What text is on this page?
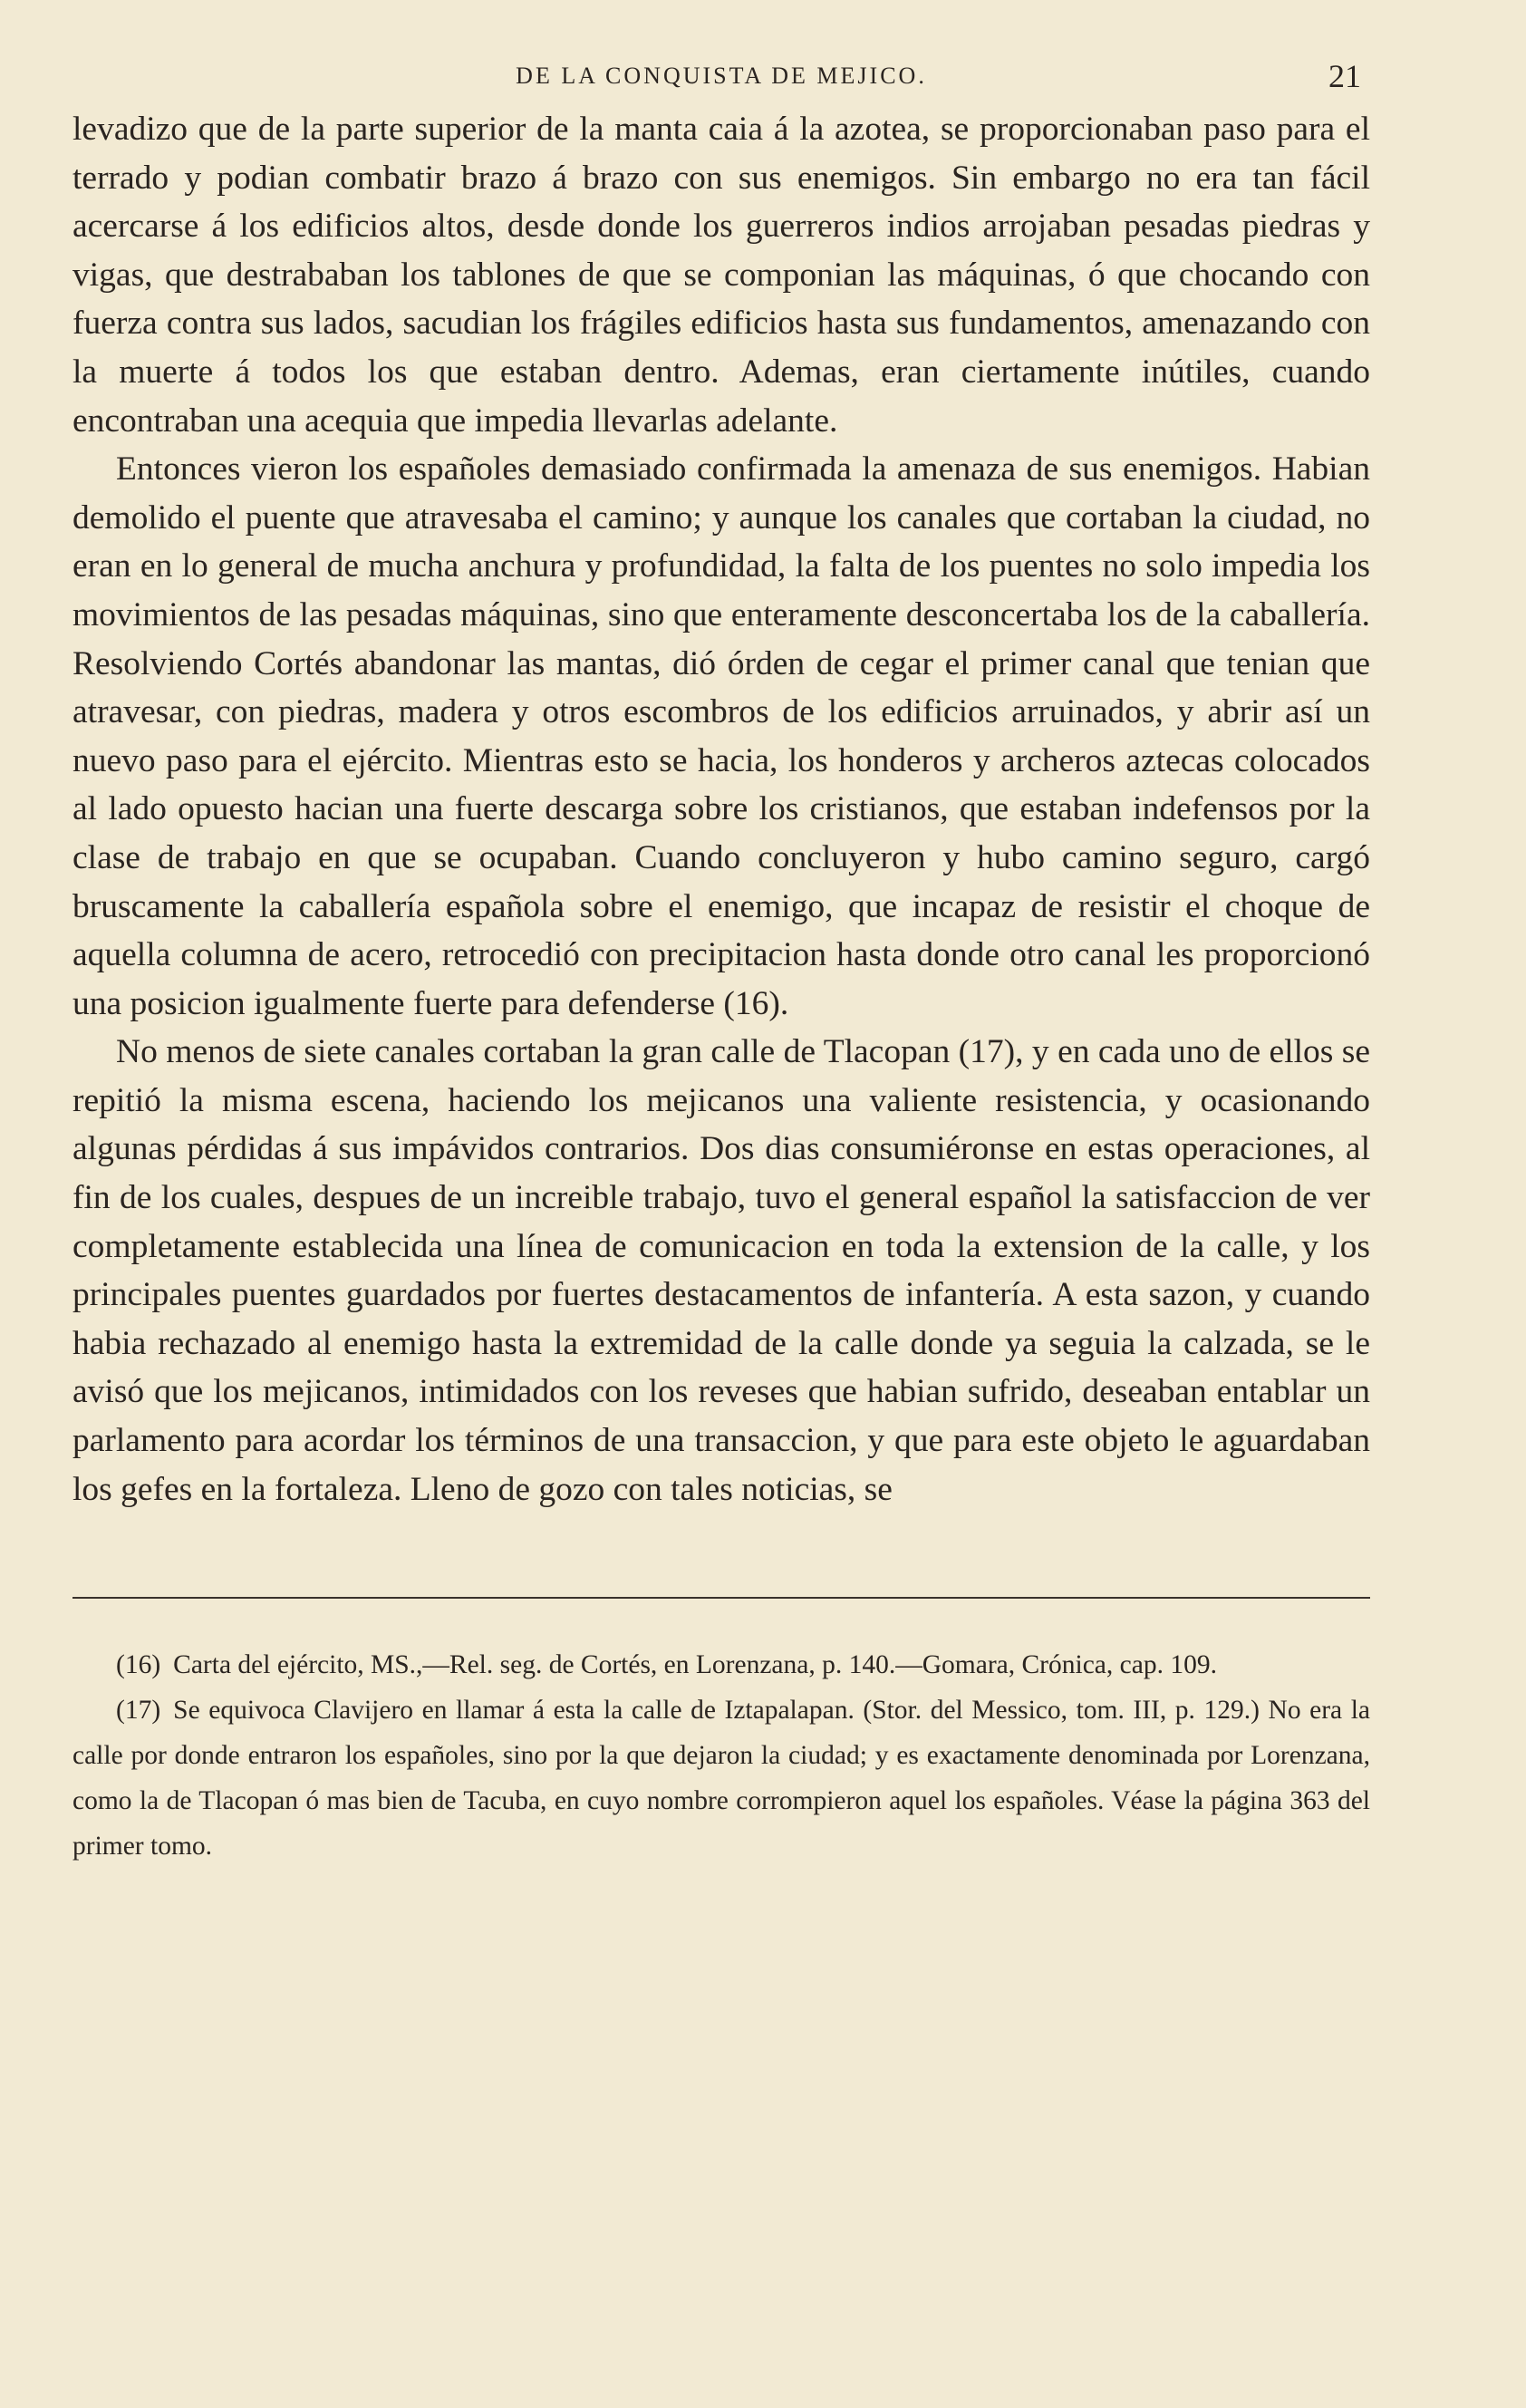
DE LA CONQUISTA DE MEJICO.	21

levadizo que de la parte superior de la manta caia á la azotea, se proporcionaban paso para el terrado y podian combatir brazo á brazo con sus enemigos. Sin embargo no era tan fácil acercarse á los edificios altos, desde donde los guerreros indios arrojaban pesadas piedras y vigas, que destrababan los tablones de que se componian las máquinas, ó que chocando con fuerza contra sus lados, sacudian los frágiles edificios hasta sus fundamentos, amenazando con la muerte á todos los que estaban dentro. Ademas, eran ciertamente inútiles, cuando encontraban una acequia que impedia llevarlas adelante.

Entonces vieron los españoles demasiado confirmada la amenaza de sus enemigos. Habian demolido el puente que atravesaba el camino; y aunque los canales que cortaban la ciudad, no eran en lo general de mucha anchura y profundidad, la falta de los puentes no solo impedia los movimientos de las pesadas máquinas, sino que enteramente desconcertaba los de la caballería. Resolviendo Cortés abandonar las mantas, dió órden de cegar el primer canal que tenian que atravesar, con piedras, madera y otros escombros de los edificios arruinados, y abrir así un nuevo paso para el ejército. Mientras esto se hacia, los honderos y archeros aztecas colocados al lado opuesto hacian una fuerte descarga sobre los cristianos, que estaban indefensos por la clase de trabajo en que se ocupaban. Cuando concluyeron y hubo camino seguro, cargó bruscamente la caballería española sobre el enemigo, que incapaz de resistir el choque de aquella columna de acero, retrocedió con precipitacion hasta donde otro canal les proporcionó una posicion igualmente fuerte para defenderse (16).

No menos de siete canales cortaban la gran calle de Tlacopan (17), y en cada uno de ellos se repitió la misma escena, haciendo los mejicanos una valiente resistencia, y ocasionando algunas pérdidas á sus impávidos contrarios. Dos dias consumiéronse en estas operaciones, al fin de los cuales, despues de un increible trabajo, tuvo el general español la satisfaccion de ver completamente establecida una línea de comunicacion en toda la extension de la calle, y los principales puentes guardados por fuertes destacamentos de infantería. A esta sazon, y cuando habia rechazado al enemigo hasta la extremidad de la calle donde ya seguia la calzada, se le avisó que los mejicanos, intimidados con los reveses que habian sufrido, deseaban entablar un parlamento para acordar los términos de una transaccion, y que para este objeto le aguardaban los gefes en la fortaleza. Lleno de gozo con tales noticias, se

(16) Carta del ejército, MS.,—Rel. seg. de Cortés, en Lorenzana, p. 140.—Gomara, Crónica, cap. 109.

(17) Se equivoca Clavijero en llamar á esta la calle de Iztapalapan. (Stor. del Messico, tom. III, p. 129.) No era la calle por donde entraron los españoles, sino por la que dejaron la ciudad; y es exactamente denominada por Lorenzana, como la de Tlacopan ó mas bien de Tacuba, en cuyo nombre corrompieron aquel los españoles. Véase la página 363 del primer tomo.
